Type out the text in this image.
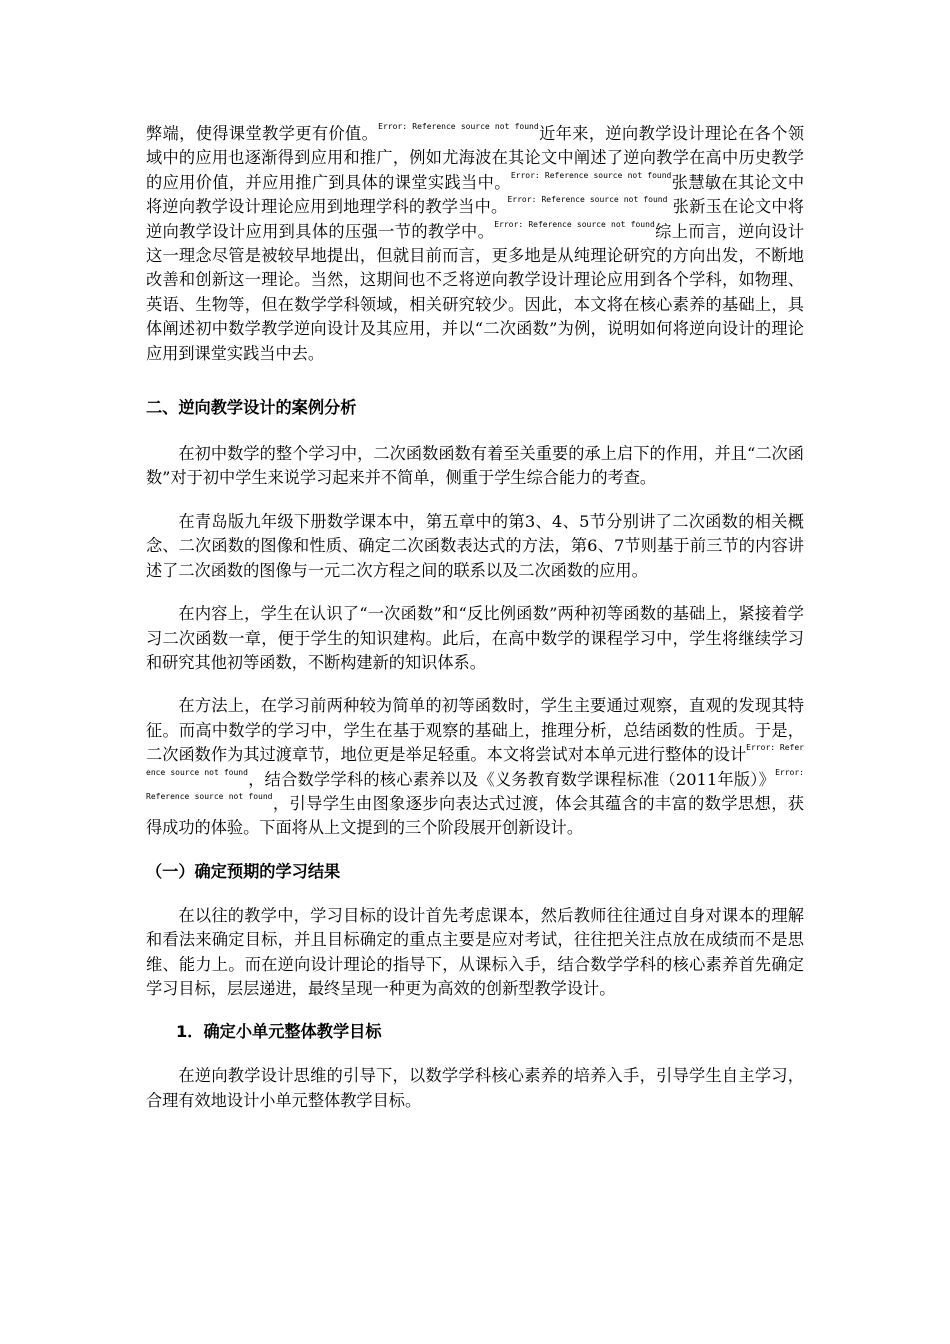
弊端，使得课堂教学更有价值。$^{Error: Reference source not found}$近年来，逆向教学设计理论在各个领域中的应用也逐渐得到应用和推广，例如尤海波在其论文中阐述了逆向教学在高中历史教学的应用价值，并应用推广到具体的课堂实践当中。$^{Error: Reference source not found}$张慧敏在其论文中将逆向教学设计理论应用到地理学科的教学当中。$^{Error: Reference source not found}$ 张新玉在论文中将逆向教学设计应用到具体的压强一节的教学中。$^{Error: Reference source not found}$综上而言，逆向设计这一理念尽管是被较早地提出，但就目前而言，更多地是从纯理论研究的方向出发，不断地改善和创新这一理论。当然，这期间也不乏将逆向教学设计理论应用到各个学科，如物理、英语、生物等，但在数学学科领域，相关研究较少。因此，本文将在核心素养的基础上，具体阐述初中数学教学逆向设计及其应用，并以“二次函数”为例，说明如何将逆向设计的理论应用到课堂实践当中去。

二、逆向教学设计的案例分析

在初中数学的整个学习中，二次函数函数有着至关重要的承上启下的作用，并且“二次函数”对于初中学生来说学习起来并不简单，侧重于学生综合能力的考查。

在青岛版九年级下册数学课本中，第五章中的第3、4、5节分别讲了二次函数的相关概念、二次函数的图像和性质、确定二次函数表达式的方法，第6、7节则基于前三节的内容讲述了二次函数的图像与一元二次方程之间的联系以及二次函数的应用。

在内容上，学生在认识了“一次函数”和“反比例函数”两种初等函数的基础上，紧接着学习二次函数一章，便于学生的知识建构。此后，在高中数学的课程学习中，学生将继续学习和研究其他初等函数，不断构建新的知识体系。

在方法上，在学习前两种较为简单的初等函数时，学生主要通过观察，直观的发现其特征。而高中数学的学习中，学生在基于观察的基础上，推理分析，总结函数的性质。于是， 二次函数作为其过渡章节，地位更是举足轻重。本文将尝试对本单元进行整体的设计$^{Error: Reference source not found}$，结合数学学科的核心素养以及《义务教育数学课程标准（2011年版）》$^{Error: Reference source not found}$，引导学生由图象逐步向表达式过渡，体会其蕴含的丰富的数学思想，获得成功的体验。下面将从上文提到的三个阶段展开创新设计。

（一）确定预期的学习结果

在以往的教学中，学习目标的设计首先考虑课本，然后教师往往通过自身对课本的理解和看法来确定目标，并且目标确定的重点主要是应对考试，往往把关注点放在成绩而不是思维、能力上。而在逆向设计理论的指导下，从课标入手，结合数学学科的核心素养首先确定学习目标，层层递进，最终呈现一种更为高效的创新型教学设计。

1．确定小单元整体教学目标

在逆向教学设计思维的引导下，以数学学科核心素养的培养入手，引导学生自主学习，合理有效地设计小单元整体教学目标。
